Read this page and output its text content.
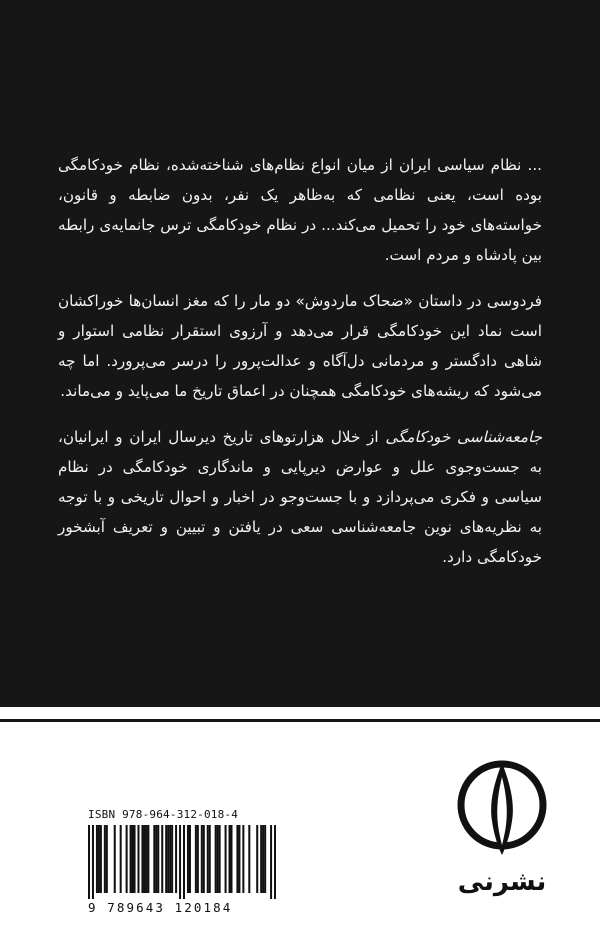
... نظام سیاسی ایران از میان انواع نظام‌های شناخته‌شده، نظام خودکامگی بوده است، یعنی نظامی که به‌ظاهر یک نفر، بدون ضابطه و قانون، خواسته‌های خود را تحمیل می‌کند... در نظام خودکامگی ترس جانمایه‌ی رابطه بین پادشاه و مردم است.

فردوسی در داستان «ضحاک ماردوش» دو مار را که مغز انسان‌ها خوراکشان است نماد این خودکامگی قرار می‌دهد و آرزوی استقرار نظامی استوار و شاهی دادگستر و مردمانی دل‌آگاه و عدالت‌پرور را درسر می‌پرورد. اما چه می‌شود که ریشه‌های خودکامگی همچنان در اعماق تاریخ ما می‌پاید و می‌ماند.

جامعه‌شناسی خودکامگی از خلال هزارتوهای تاریخ دیرسال ایران و ایرانیان، به جست‌وجوی علل و عوارض دیرپایی و ماندگاری خودکامگی در نظام سیاسی و فکری می‌پردازد و با جست‌وجو در اخبار و احوال تاریخی و با توجه به نظریه‌های نوین جامعه‌شناسی سعی در یافتن و تبیین و تعریف آبشخور خودکامگی دارد.

ISBN 978-964-312-018-4
9 789643 120184
نشرنی
